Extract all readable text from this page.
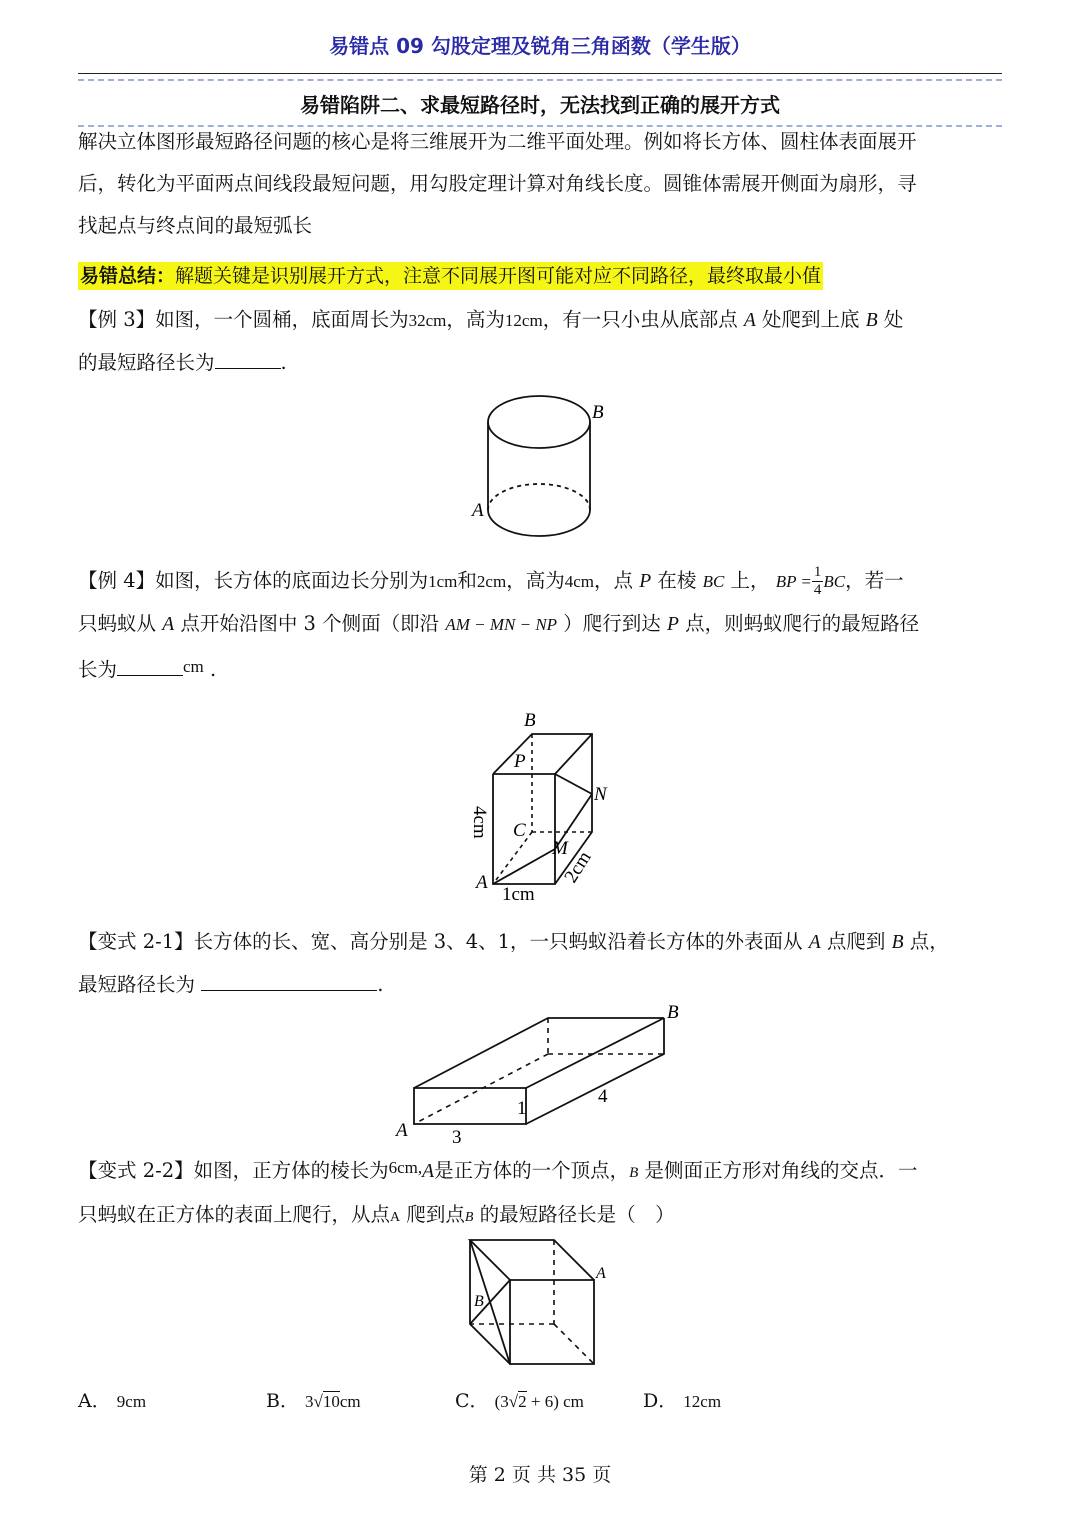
易错点 09 勾股定理及锐角三角函数（学生版）
易错陷阱二、求最短路径时，无法找到正确的展开方式
解决立体图形最短路径问题的核心是将三维展开为二维平面处理。例如将长方体、圆柱体表面展开
后，转化为平面两点间线段最短问题，用勾股定理计算对角线长度。圆锥体需展开侧面为扇形，寻
找起点与终点间的最短弧长
易错总结：解题关键是识别展开方式，注意不同展开图可能对应不同路径，最终取最小值
【例 3】如图，一个圆桶，底面周长为32cm，高为12cm，有一只小虫从底部点 A 处爬到上底 B 处
的最短路径长为	.
B
A
【例 4】如图，长方体的底面边长分别为1cm和2cm，高为4cm，点 P 在棱 BC 上， BP = $\frac{1}{4}$ BC，若一
只蚂蚁从 A 点开始沿图中 3 个侧面（即沿 AM − MN − NP ）爬行到达 P 点，则蚂蚁爬行的最短路径
长为	cm .
B
P
N
C
M
A
4cm
1cm
2cm
【变式 2-1】长方体的长、宽、高分别是 3、4、1，一只蚂蚁沿着长方体的外表面从 A 点爬到 B 点，
最短路径长为	.
B
A 3
4
1
【变式 2-2】如图，正方体的棱长为6cm,A是正方体的一个顶点，B 是侧面正方形对角线的交点．一
只蚂蚁在正方体的表面上爬行，从点A 爬到点B 的最短路径长是（　）
A
B
A． 9cm	B． 3√10cm	C． (3√2 + 6) cm	D． 12cm
第 2 页 共 35 页
